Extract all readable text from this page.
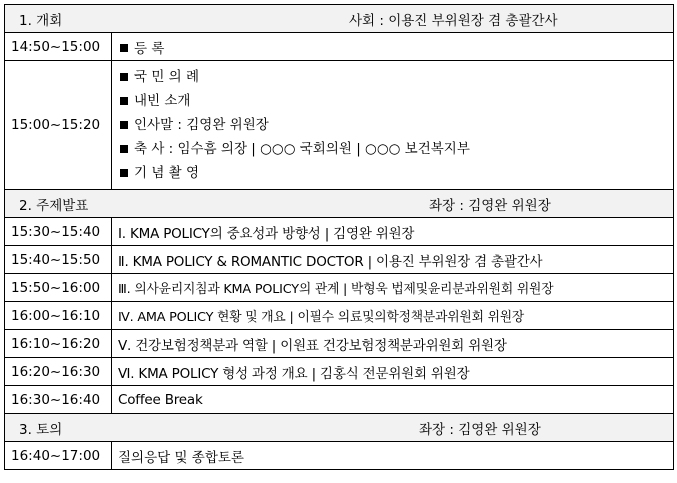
1. 개회 사회 : 이용진 부위원장 겸 총괄간사	
14:50~15:00	등 록
15:00~15:20	국 민 의 례
내빈 소개
인사말 : 김영완 위원장
축 사 : 임수흠 의장 | ○○○ 국회의원 | ○○○ 보건복지부
기 념 촬 영

2. 주제발표 좌장 : 김영완 위원장	
15:30~15:40	Ⅰ. KMA POLICY의 중요성과 방향성 | 김영완 위원장
15:40~15:50	Ⅱ. KMA POLICY & ROMANTIC DOCTOR | 이용진 부위원장 겸 총괄간사
15:50~16:00	Ⅲ. 의사윤리지침과 KMA POLICY의 관계 | 박형욱 법제및윤리분과위원회 위원장
16:00~16:10	Ⅳ. AMA POLICY 현황 및 개요 | 이필수 의료및의학정책분과위원회 위원장
16:10~16:20	Ⅴ. 건강보험정책분과 역할 | 이원표 건강보험정책분과위원회 위원장
16:20~16:30	Ⅵ. KMA POLICY 형성 과정 개요 | 김홍식 전문위원회 위원장
16:30~16:40	Coffee Break
3. 토의 좌장 : 김영완 위원장	
16:40~17:00	질의응답 및 종합토론
